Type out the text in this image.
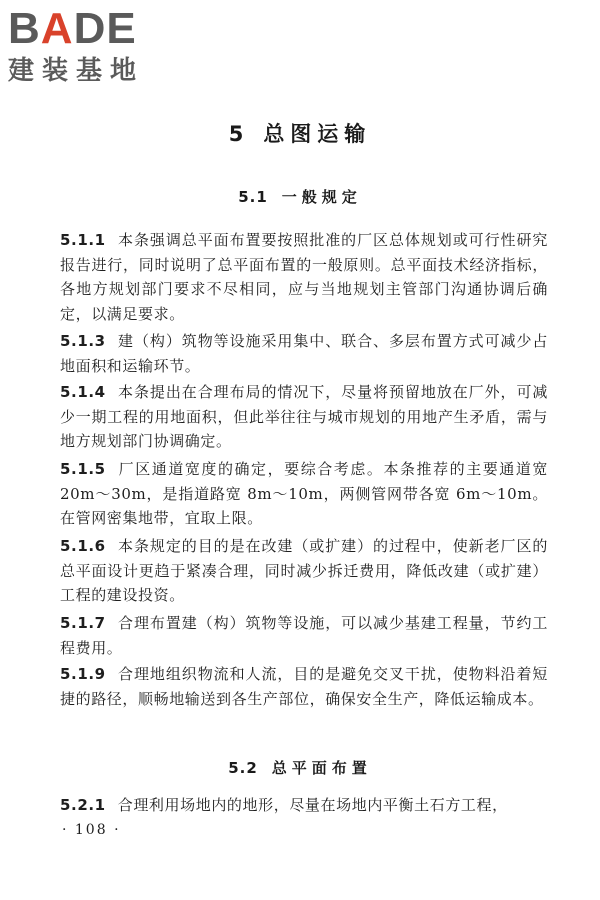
BADE
建装基地
5 总图运输
5.1 一般规定
5.1.1 本条强调总平面布置要按照批准的厂区总体规划或可行性研究报告进行，同时说明了总平面布置的一般原则。总平面技术经济指标，各地方规划部门要求不尽相同，应与当地规划主管部门沟通协调后确定，以满足要求。
5.1.3 建（构）筑物等设施采用集中、联合、多层布置方式可减少占地面积和运输环节。
5.1.4 本条提出在合理布局的情况下，尽量将预留地放在厂外，可减少一期工程的用地面积，但此举往往与城市规划的用地产生矛盾，需与地方规划部门协调确定。
5.1.5 厂区通道宽度的确定，要综合考虑。本条推荐的主要通道宽 20m～30m，是指道路宽 8m～10m，两侧管网带各宽 6m～10m。在管网密集地带，宜取上限。
5.1.6 本条规定的目的是在改建（或扩建）的过程中，使新老厂区的总平面设计更趋于紧凑合理，同时减少拆迁费用，降低改建（或扩建）工程的建设投资。
5.1.7 合理布置建（构）筑物等设施，可以减少基建工程量，节约工程费用。
5.1.9 合理地组织物流和人流，目的是避免交叉干扰，使物料沿着短捷的路径，顺畅地输送到各生产部位，确保安全生产，降低运输成本。
5.2 总平面布置
5.2.1 合理利用场地内的地形，尽量在场地内平衡土石方工程，
· 108 ·
